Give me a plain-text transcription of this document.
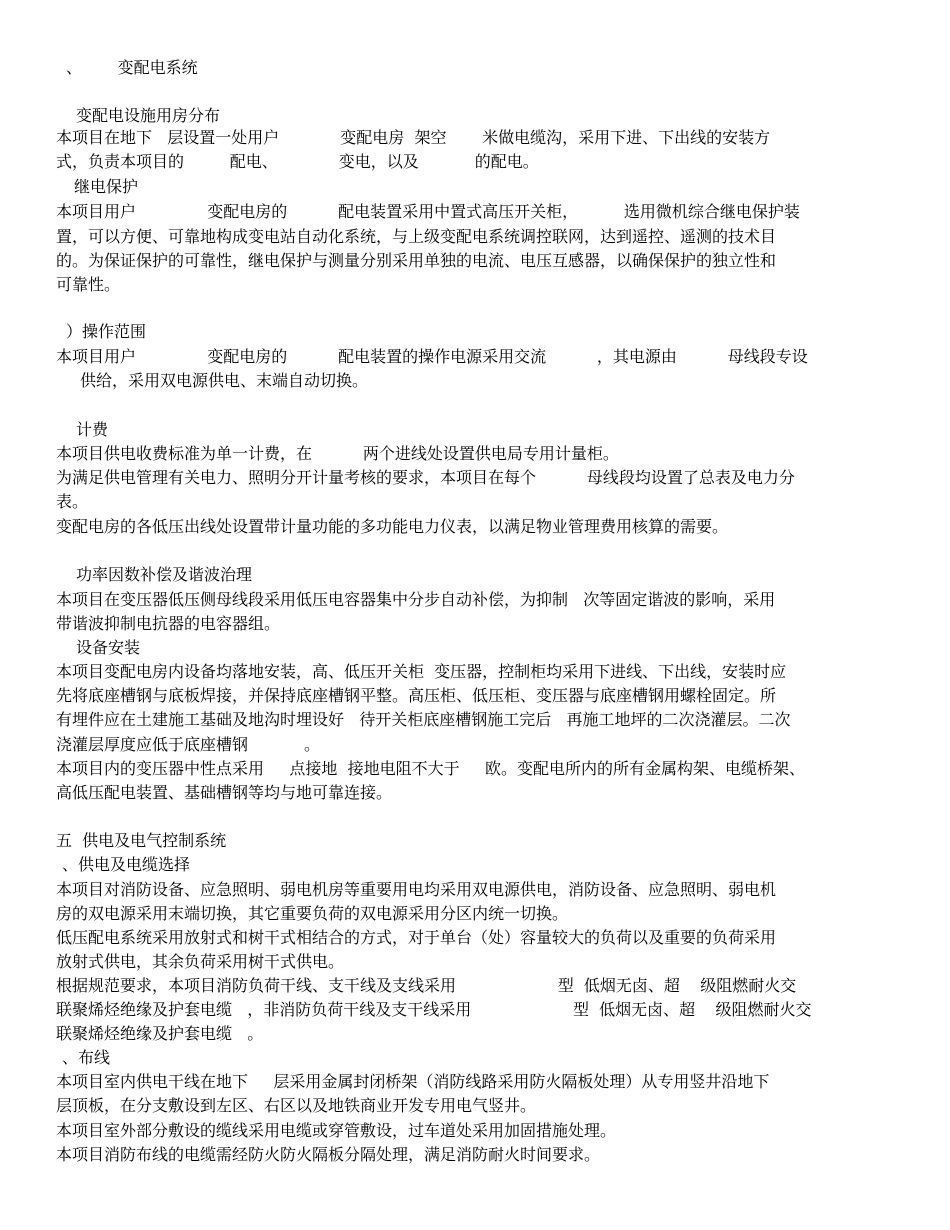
、       变配电系统
变配电设施用房分布
本项目在地下   层设置一处用户            变配电房  架空       米做电缆沟，采用下进、下出线的安装方
式，负责本项目的         配电、            变电，以及           的配电。
继电保护
本项目用户              变配电房的          配电装置采用中置式高压开关柜，         选用微机综合继电保护装
置，可以方便、可靠地构成变电站自动化系统，与上级变配电系统调控联网，达到遥控、遥测的技术目
的。为保证保护的可靠性，继电保护与测量分别采用单独的电流、电压互感器，以确保保护的独立性和
可靠性。
）操作范围
本项目用户              变配电房的          配电装置的操作电源采用交流          ，其电源由          母线段专设
供给，采用双电源供电、末端自动切换。
计费
本项目供电收费标准为单一计费，在          两个进线处设置供电局专用计量柜。
为满足供电管理有关电力、照明分开计量考核的要求，本项目在每个          母线段均设置了总表及电力分
表。
变配电房的各低压出线处设置带计量功能的多功能电力仪表，以满足物业管理费用核算的需要。
功率因数补偿及谐波治理
本项目在变压器低压侧母线段采用低压电容器集中分步自动补偿，为抑制   次等固定谐波的影响，采用
带谐波抑制电抗器的电容器组。
设备安装
本项目变配电房内设备均落地安装，高、低压开关柜  变压器，控制柜均采用下进线、下出线，安装时应
先将底座槽钢与底板焊接，并保持底座槽钢平整。高压柜、低压柜、变压器与底座槽钢用螺栓固定。所
有埋件应在土建施工基础及地沟时埋设好   待开关柜底座槽钢施工完后   再施工地坪的二次浇灌层。二次
浇灌层厚度应低于底座槽钢           。
本项目内的变压器中性点采用     点接地  接地电阻不大于     欧。变配电所内的所有金属构架、电缆桥架、
高低压配电装置、基础槽钢等均与地可靠连接。
五  供电及电气控制系统
、供电及电缆选择
本项目对消防设备、应急照明、弱电机房等重要用电均采用双电源供电，消防设备、应急照明、弱电机
房的双电源采用末端切换，其它重要负荷的双电源采用分区内统一切换。
低压配电系统采用放射式和树干式相结合的方式，对于单台（处）容量较大的负荷以及重要的负荷采用
放射式供电，其余负荷采用树干式供电。
根据规范要求，本项目消防负荷干线、支干线及支线采用                    型  低烟无卤、超    级阻燃耐火交
联聚烯烃绝缘及护套电缆   ，非消防负荷干线及支干线采用                    型  低烟无卤、超    级阻燃耐火交
联聚烯烃绝缘及护套电缆   。
、布线
本项目室内供电干线在地下     层采用金属封闭桥架（消防线路采用防火隔板处理）从专用竖井沿地下
层顶板，在分支敷设到左区、右区以及地铁商业开发专用电气竖井。
本项目室外部分敷设的缆线采用电缆或穿管敷设，过车道处采用加固措施处理。
本项目消防布线的电缆需经防火防火隔板分隔处理，满足消防耐火时间要求。
